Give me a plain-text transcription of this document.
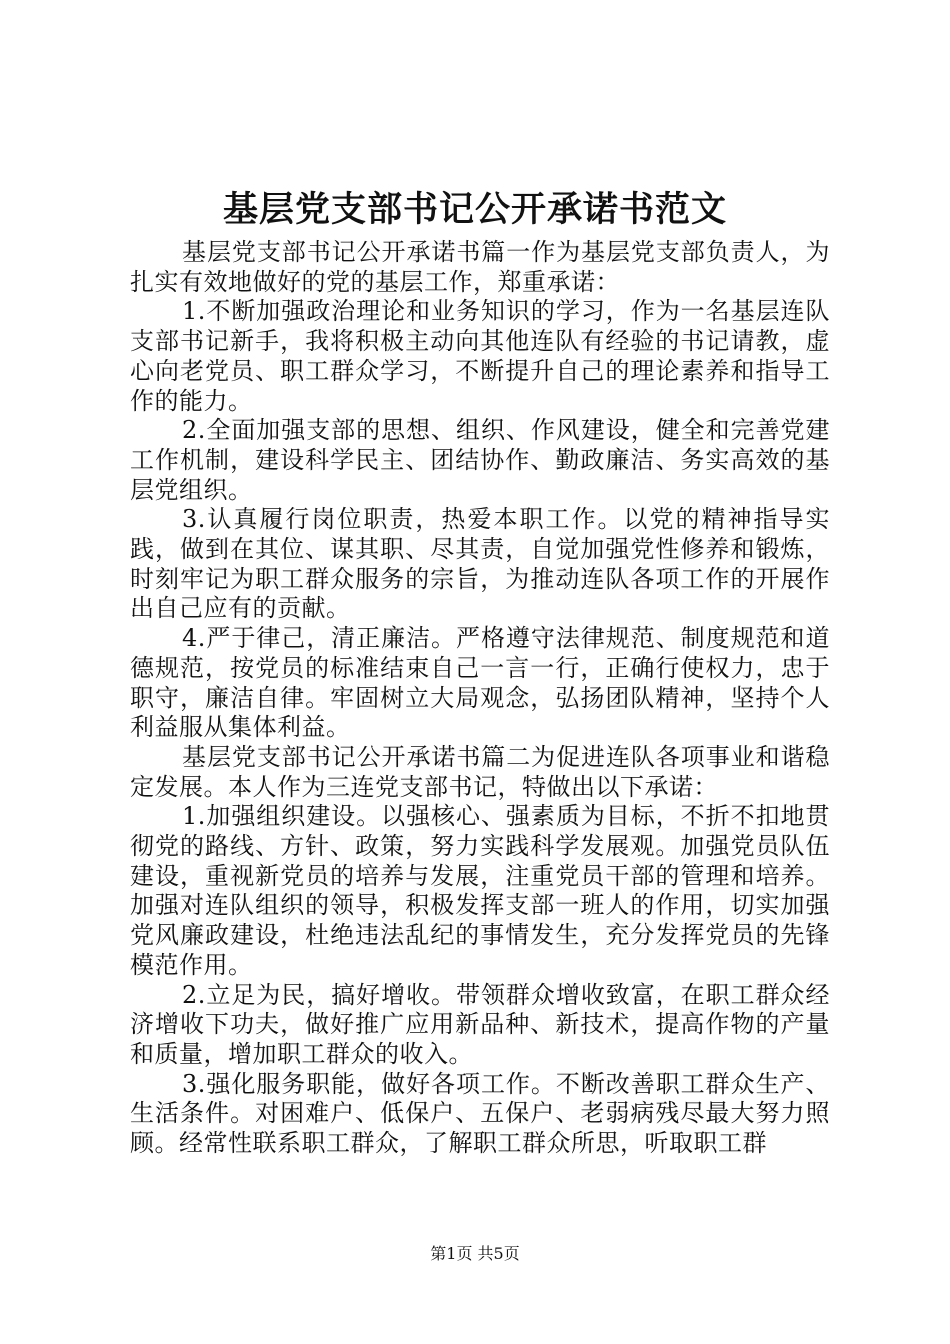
基层党支部书记公开承诺书范文

基层党支部书记公开承诺书篇一作为基层党支部负责人，为扎实有效地做好的党的基层工作，郑重承诺：

1.不断加强政治理论和业务知识的学习，作为一名基层连队支部书记新手，我将积极主动向其他连队有经验的书记请教，虚心向老党员、职工群众学习，不断提升自己的理论素养和指导工作的能力。

2.全面加强支部的思想、组织、作风建设，健全和完善党建工作机制，建设科学民主、团结协作、勤政廉洁、务实高效的基层党组织。

3.认真履行岗位职责，热爱本职工作。以党的精神指导实践，做到在其位、谋其职、尽其责，自觉加强党性修养和锻炼，时刻牢记为职工群众服务的宗旨，为推动连队各项工作的开展作出自己应有的贡献。

4.严于律己，清正廉洁。严格遵守法律规范、制度规范和道德规范，按党员的标准结束自己一言一行，正确行使权力，忠于职守，廉洁自律。牢固树立大局观念，弘扬团队精神，坚持个人利益服从集体利益。

基层党支部书记公开承诺书篇二为促进连队各项事业和谐稳定发展。本人作为三连党支部书记，特做出以下承诺：

1.加强组织建设。以强核心、强素质为目标，不折不扣地贯彻党的路线、方针、政策，努力实践科学发展观。加强党员队伍建设，重视新党员的培养与发展，注重党员干部的管理和培养。加强对连队组织的领导，积极发挥支部一班人的作用，切实加强党风廉政建设，杜绝违法乱纪的事情发生，充分发挥党员的先锋模范作用。

2.立足为民，搞好增收。带领群众增收致富，在职工群众经济增收下功夫，做好推广应用新品种、新技术，提高作物的产量和质量，增加职工群众的收入。

3.强化服务职能，做好各项工作。不断改善职工群众生产、生活条件。对困难户、低保户、五保户、老弱病残尽最大努力照顾。经常性联系职工群众，了解职工群众所思，听取职工群

第1页 共5页
